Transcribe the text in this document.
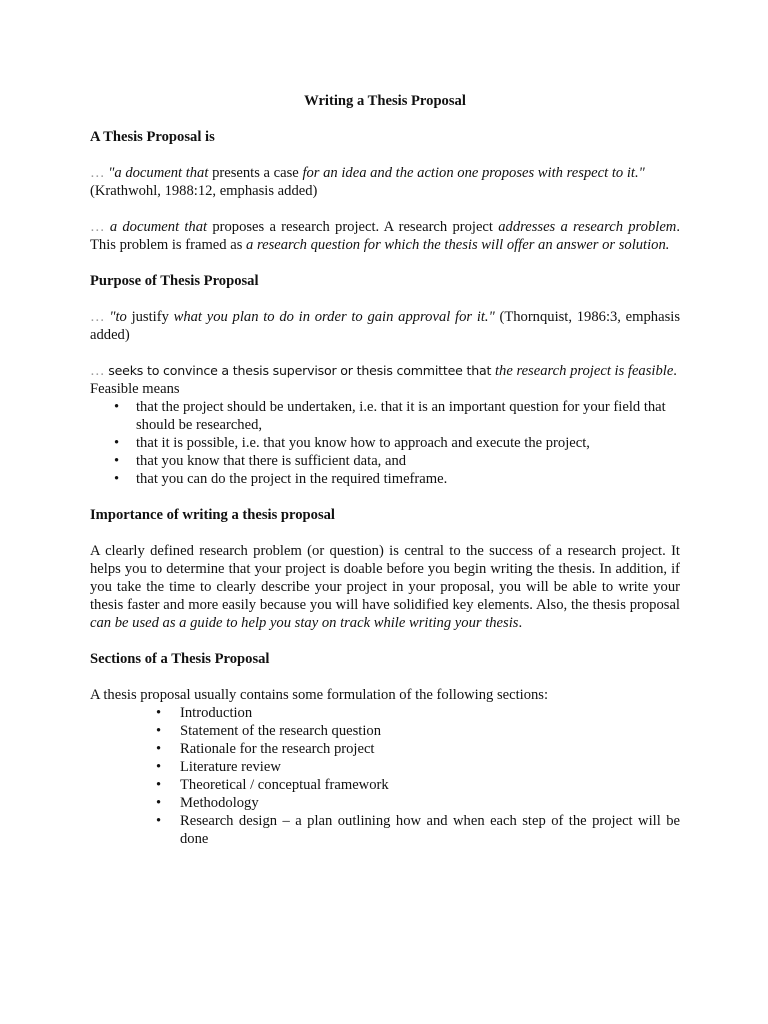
Writing a Thesis Proposal
A Thesis Proposal is

… "a document that presents a case for an idea and the action one proposes with respect to it."
(Krathwohl, 1988:12, emphasis added)

… a document that proposes a research project. A research project addresses a research problem. This problem is framed as a research question for which the thesis will offer an answer or solution.

Purpose of Thesis Proposal

… "to justify what you plan to do in order to gain approval for it." (Thornquist, 1986:3, emphasis added)

… seeks to convince a thesis supervisor or thesis committee that the research project is feasible.
Feasible means

• that the project should be undertaken, i.e. that it is an important question for your field that should be researched,
• that it is possible, i.e. that you know how to approach and execute the project,
• that you know that there is sufficient data, and
• that you can do the project in the required timeframe.
Importance of writing a thesis proposal

A clearly defined research problem (or question) is central to the success of a research project. It helps you to determine that your project is doable before you begin writing the thesis. In addition, if you take the time to clearly describe your project in your proposal, you will be able to write your thesis faster and more easily because you will have solidified key elements. Also, the thesis proposal can be used as a guide to help you stay on track while writing your thesis.

Sections of a Thesis Proposal

A thesis proposal usually contains some formulation of the following sections:

• Introduction
• Statement of the research question
• Rationale for the research project
• Literature review
• Theoretical / conceptual framework
• Methodology
• Research design – a plan outlining how and when each step of the project will be done
